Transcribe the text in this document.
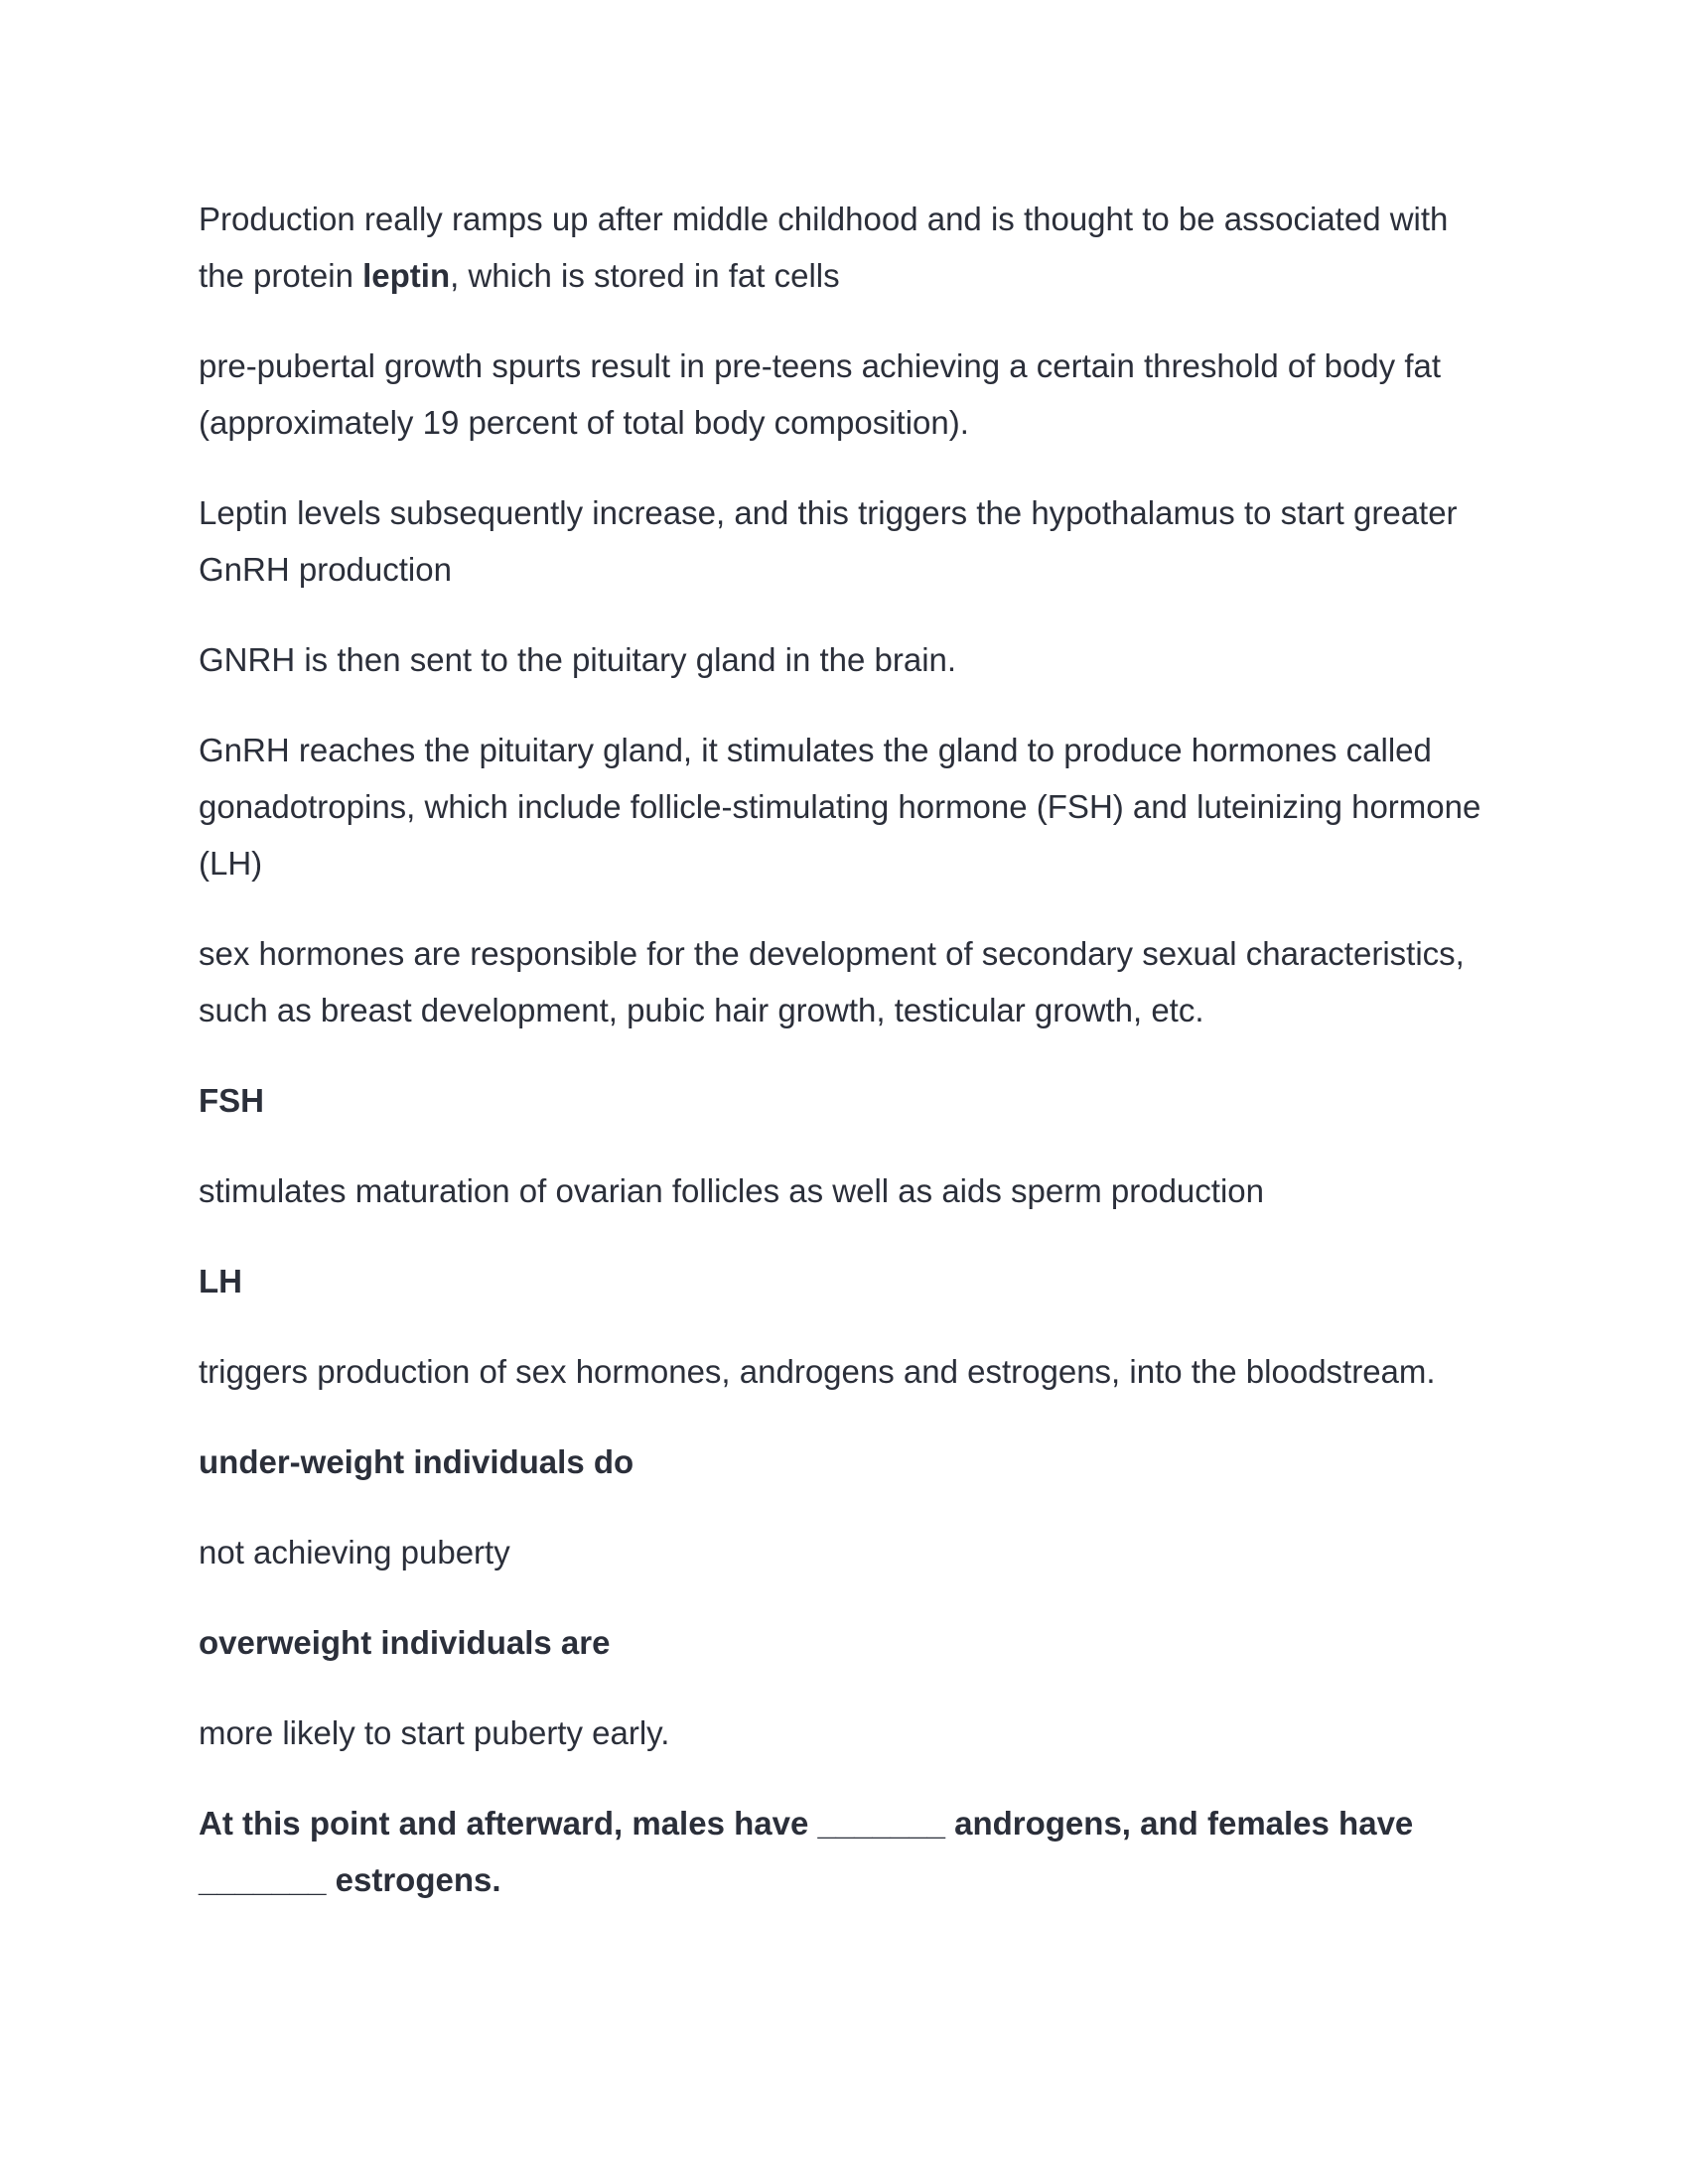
Production really ramps up after middle childhood and is thought to be associated with the protein leptin, which is stored in fat cells

pre-pubertal growth spurts result in pre-teens achieving a certain threshold of body fat (approximately 19 percent of total body composition).

Leptin levels subsequently increase, and this triggers the hypothalamus to start greater GnRH production

GNRH is then sent to the pituitary gland in the brain.

GnRH reaches the pituitary gland, it stimulates the gland to produce hormones called gonadotropins, which include follicle-stimulating hormone (FSH) and luteinizing hormone (LH)

sex hormones are responsible for the development of secondary sexual characteristics, such as breast development, pubic hair growth, testicular growth, etc.

FSH

stimulates maturation of ovarian follicles as well as aids sperm production

LH

triggers production of sex hormones, androgens and estrogens, into the bloodstream.

under-weight individuals do

not achieving puberty

overweight individuals are

more likely to start puberty early.

At this point and afterward, males have _______ androgens, and females have _______ estrogens.
